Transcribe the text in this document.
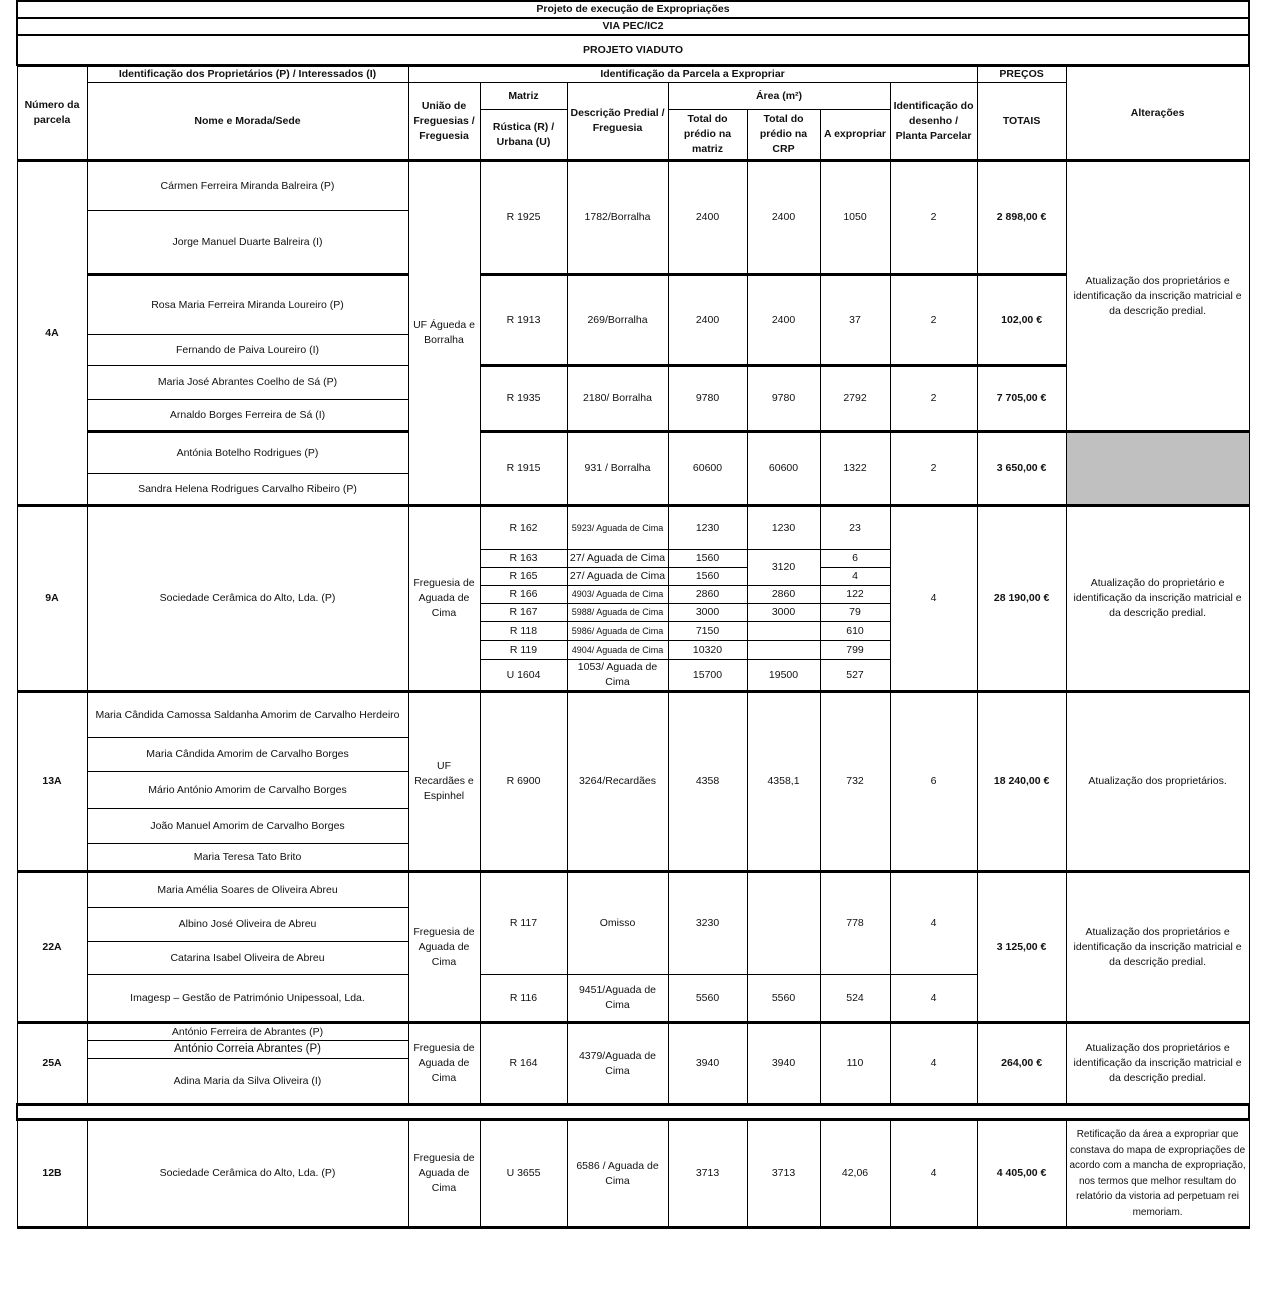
Projeto de execução de Expropriações
VIA PEC/IC2
PROJETO VIADUTO
Número da parcela	Identificação dos Proprietários (P) / Interessados (I)	Identificação da Parcela a Expropriar							PREÇOS	Alterações
	Nome e Morada/Sede	União de Freguesias / Freguesia	Matriz	Descrição Predial / Freguesia	Área (m²)			Identificação do desenho / Planta Parcelar	TOTAIS	
			Rústica (R) / Urbana (U)		Total do prédio na matriz	Total do prédio na CRP	A expropriar			
4A	Cármen Ferreira Miranda Balreira (P)	UF Águeda e Borralha	R 1925	1782/Borralha	2400	2400	1050	2	2 898,00 €	Atualização dos proprietários e identificação da inscrição matricial e da descrição predial.
	Jorge Manuel Duarte Balreira (I)									
	Rosa Maria Ferreira Miranda Loureiro (P)		R 1913	269/Borralha	2400	2400	37	2	102,00 €	
	Fernando de Paiva Loureiro (I)									
	Maria José Abrantes Coelho de Sá (P)		R 1935	2180/ Borralha	9780	9780	2792	2	7 705,00 €	
	Arnaldo Borges Ferreira de Sá (I)									
	Antónia Botelho Rodrigues (P)		R 1915	931 / Borralha	60600	60600	1322	2	3 650,00 €	
	Sandra Helena Rodrigues Carvalho Ribeiro (P)									
9A	Sociedade Cerâmica do Alto, Lda. (P)	Freguesia de Aguada de Cima	R 162	5923/ Aguada de Cima	1230	1230	23	4	28 190,00 €	Atualização do proprietário e identificação da inscrição matricial e da descrição predial.
			R 163	27/ Aguada de Cima	1560	3120	6			
			R 165	27/ Aguada de Cima	1560		4			
			R 166	4903/ Aguada de Cima	2860	2860	122			
			R 167	5988/ Aguada de Cima	3000	3000	79			
			R 118	5986/ Aguada de Cima	7150		610			
			R 119	4904/ Aguada de Cima	10320		799			
			U 1604	1053/ Aguada de Cima	15700	19500	527			
13A	Maria Cândida Camossa Saldanha Amorim de Carvalho Herdeiro	UF Recardães e Espinhel	R 6900	3264/Recardães	4358	4358,1	732	6	18 240,00 €	Atualização dos proprietários.
	Maria Cândida Amorim de Carvalho Borges									
	Mário António Amorim de Carvalho Borges									
	João Manuel Amorim de Carvalho Borges									
	Maria Teresa Tato Brito									
22A	Maria Amélia Soares de Oliveira Abreu	Freguesia de Aguada de Cima	R 117	Omisso	3230		778	4	3 125,00 €	Atualização dos proprietários e identificação da inscrição matricial e da descrição predial.
	Albino José Oliveira de Abreu									
	Catarina Isabel Oliveira de Abreu									
	Imagesp – Gestão de Património Unipessoal, Lda.		R 116	9451/Aguada de Cima	5560	5560	524	4		

25A	António Ferreira de Abrantes (P)	Freguesia de Aguada de Cima	R 164	4379/Aguada de Cima	3940	3940	110	4	264,00 €	Atualização dos proprietários e identificação da inscrição matricial e da descrição predial.
	António Correia Abrantes (P)									
	Adina Maria da Silva Oliveira (I)									

12B	Sociedade Cerâmica do Alto, Lda. (P)	Freguesia de Aguada de Cima	U 3655	6586 / Aguada de Cima	3713	3713	42,06	4	4 405,00 €	Retificação da área a expropriar que constava do mapa de expropriações de acordo com a mancha de expropriação, nos termos que melhor resultam do relatório da vistoria ad perpetuam rei memoriam.
